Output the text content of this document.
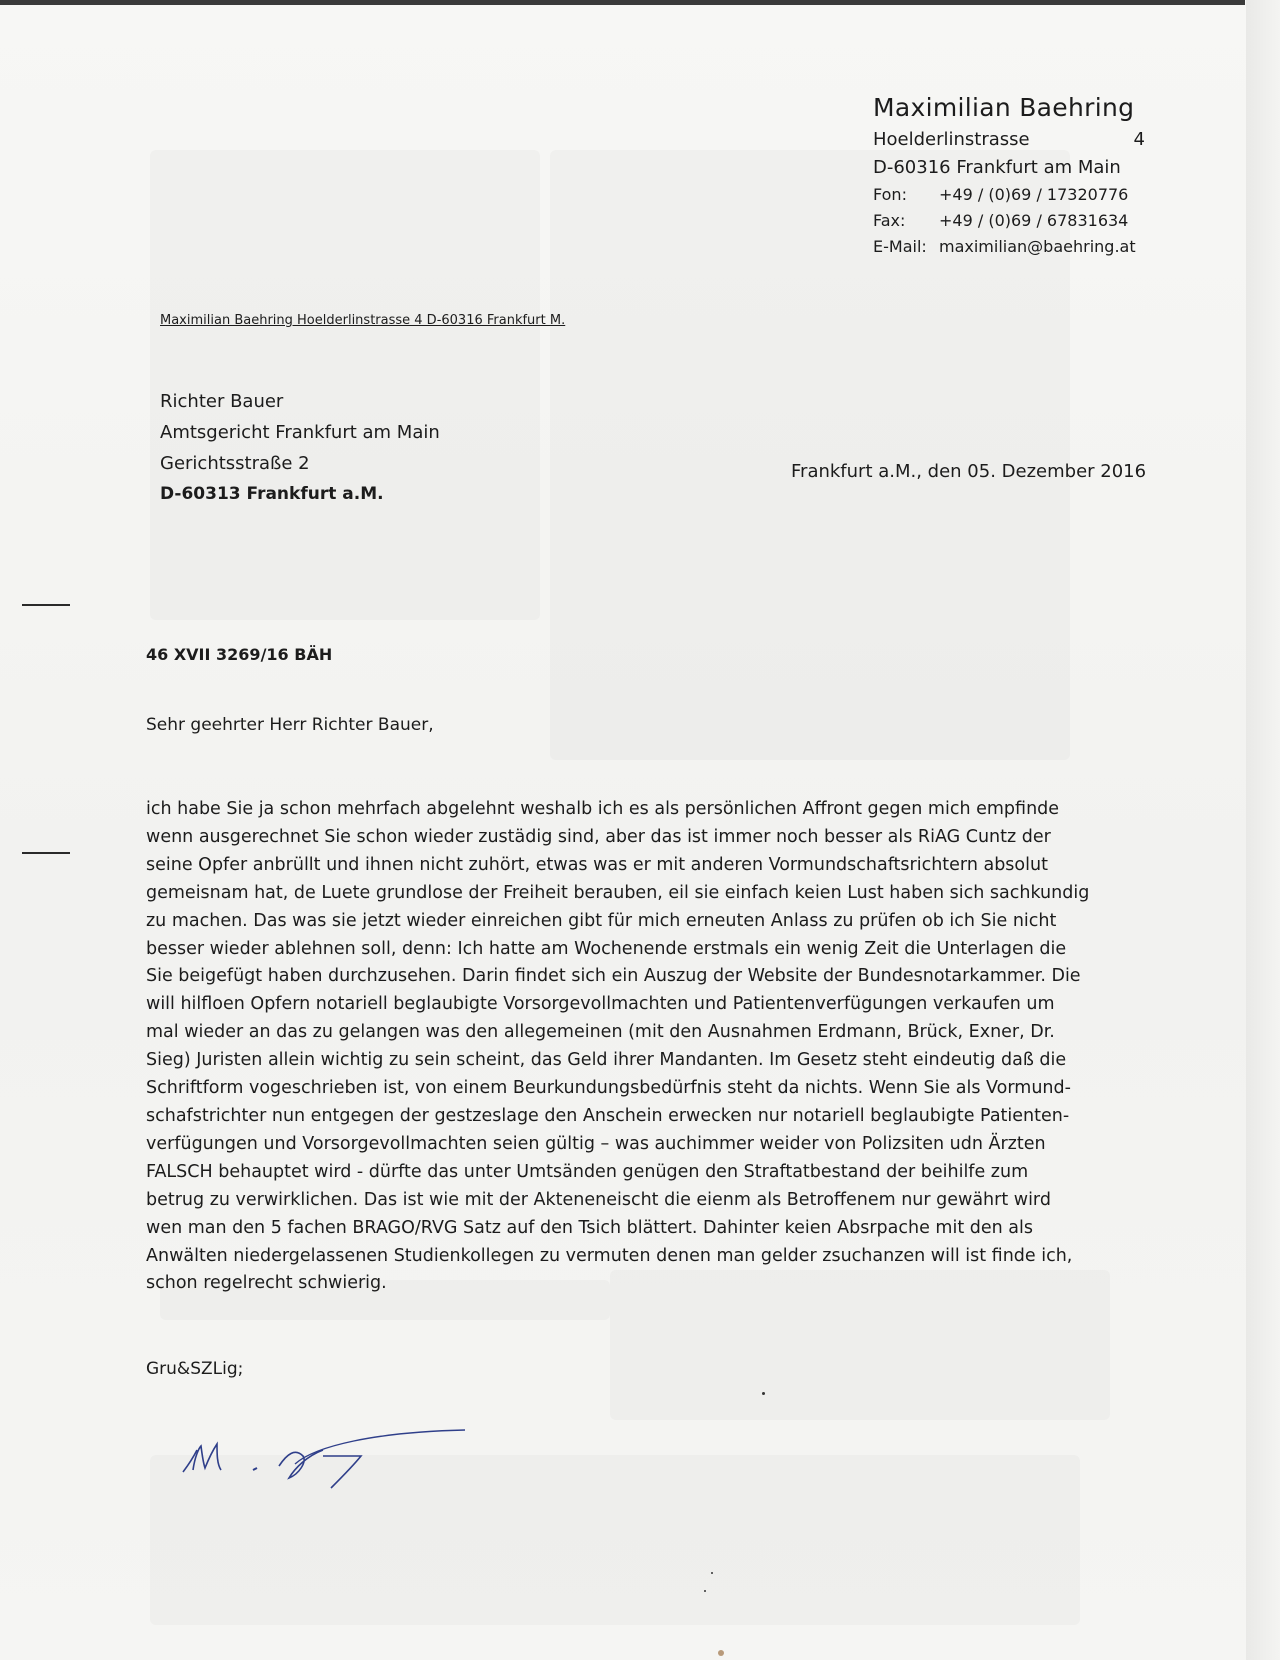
Maximilian Baehring
Hoelderlinstrasse	4
D-60316 Frankfurt am Main
Fon:	+49 / (0)69 / 17320776
Fax:	+49 / (0)69 / 67831634
E-Mail: maximilian@baehring.at
Maximilian Baehring Hoelderlinstrasse 4 D-60316 Frankfurt M.
Richter Bauer
Amtsgericht Frankfurt am Main
Gerichtsstraße 2
D-60313 Frankfurt a.M.
Frankfurt a.M., den 05. Dezember 2016
46 XVII 3269/16 BÄH
Sehr geehrter Herr Richter Bauer,
ich habe Sie ja schon mehrfach abgelehnt weshalb ich es als persönlichen Affront gegen mich empfinde
wenn ausgerechnet Sie schon wieder zustädig sind, aber das ist immer noch besser als RiAG Cuntz der
seine Opfer anbrüllt und ihnen nicht zuhört, etwas was er mit anderen Vormundschaftsrichtern absolut
gemeisnam hat, de Luete grundlose der Freiheit berauben, eil sie einfach keien Lust haben sich sachkundig
zu machen. Das was sie jetzt wieder einreichen gibt für mich erneuten Anlass zu prüfen ob ich Sie nicht
besser wieder ablehnen soll, denn: Ich hatte am Wochenende erstmals ein wenig Zeit die Unterlagen die
Sie beigefügt haben durchzusehen. Darin findet sich ein Auszug der Website der Bundesnotarkammer. Die
will hilfloen Opfern notariell beglaubigte Vorsorgevollmachten und Patientenverfügungen verkaufen um
mal wieder an das zu gelangen was den allegemeinen (mit den Ausnahmen Erdmann, Brück, Exner, Dr.
Sieg) Juristen allein wichtig zu sein scheint, das Geld ihrer Mandanten. Im Gesetz steht eindeutig daß die
Schriftform vogeschrieben ist, von einem Beurkundungsbedürfnis steht da nichts. Wenn Sie als Vormund-
schafstrichter nun entgegen der gestzeslage den Anschein erwecken nur notariell beglaubigte Patienten-
verfügungen und Vorsorgevollmachten seien gültig – was auchimmer weider von Polizsiten udn Ärzten
FALSCH behauptet wird - dürfte das unter Umtsänden genügen den Straftatbestand der beihilfe zum
betrug zu verwirklichen. Das ist wie mit der Akteneneischt die eienm als Betroffenem nur gewährt wird
wen man den 5 fachen BRAGO/RVG Satz auf den Tsich blättert. Dahinter keien Absrpache mit den als
Anwälten niedergelassenen Studienkollegen zu vermuten denen man gelder zsuchanzen will ist finde ich,
schon regelrecht schwierig.
Gru&SZLig;
